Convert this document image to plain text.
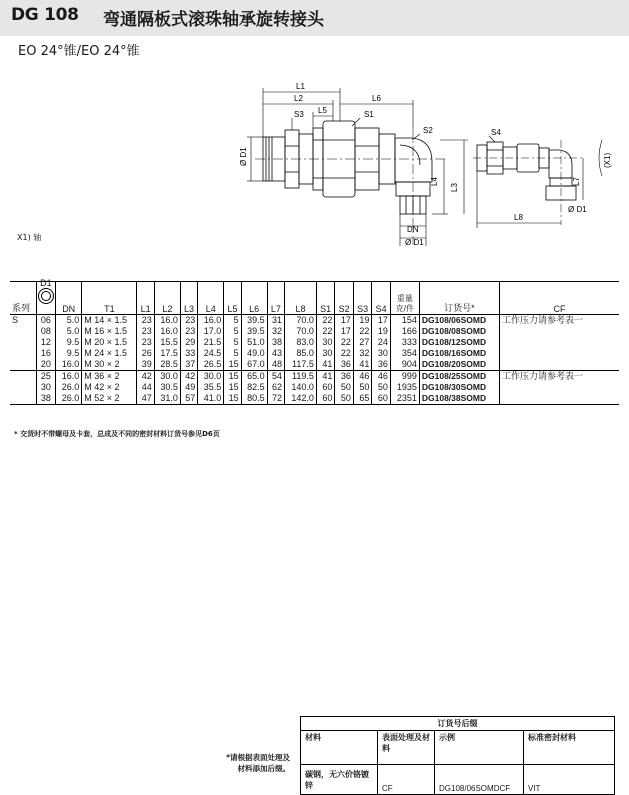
DG 108 弯通隔板式滚珠轴承旋转接头
EO 24°锥/EO 24°锥
L1
L2
L5
L6
S3	S1
S2
L4
L3
Ø D1
DN
Ø D1
S4
L7
Ø D1
L8
(X1)
X1) 轴
系列	D1	DN	T1	L1	L2	L3	L4	L5	L6	L7	L8	S1	S2	S3	S4	重量
克/件	订货号*	CF
S	06	5.0	M 14 × 1.5	23	16.0	23	16.0	5	39.5	31	70.0	22	17	19	17	154	DG108/06SOMD	工作压力请参考表一
	08	5.0	M 16 × 1.5	23	16.0	23	17.0	5	39.5	32	70.0	22	17	22	19	166	DG108/08SOMD	
	12	9.5	M 20 × 1.5	23	15.5	29	21.5	5	51.0	38	83.0	30	22	27	24	333	DG108/12SOMD	
	16	9.5	M 24 × 1.5	26	17.5	33	24.5	5	49.0	43	85.0	30	22	32	30	354	DG108/16SOMD	
	20	16.0	M 30 × 2	39	28.5	37	26.5	15	67.0	48	117.5	41	36	41	36	904	DG108/20SOMD	
	25	16.0	M 36 × 2	42	30.0	42	30.0	15	65.0	54	119.5	41	36	46	46	999	DG108/25SOMD	工作压力请参考表一
	30	26.0	M 42 × 2	44	30.5	49	35.5	15	82.5	62	140.0	60	50	50	50	1935	DG108/30SOMD	
	38	26.0	M 52 × 2	47	31.0	57	41.0	15	80.5	72	142.0	60	50	65	60	2351	DG108/38SOMD	
* 交货时不带螺母及卡套，总成及不同的密封材料订货号参见D6页
*请根据表面处理及材料添加后缀。
订货号后缀			
材料	表面处理及材料	示例	标准密封材料
碳钢，无六价铬镀锌	CF	DG108/06SOMDCF	VIT
